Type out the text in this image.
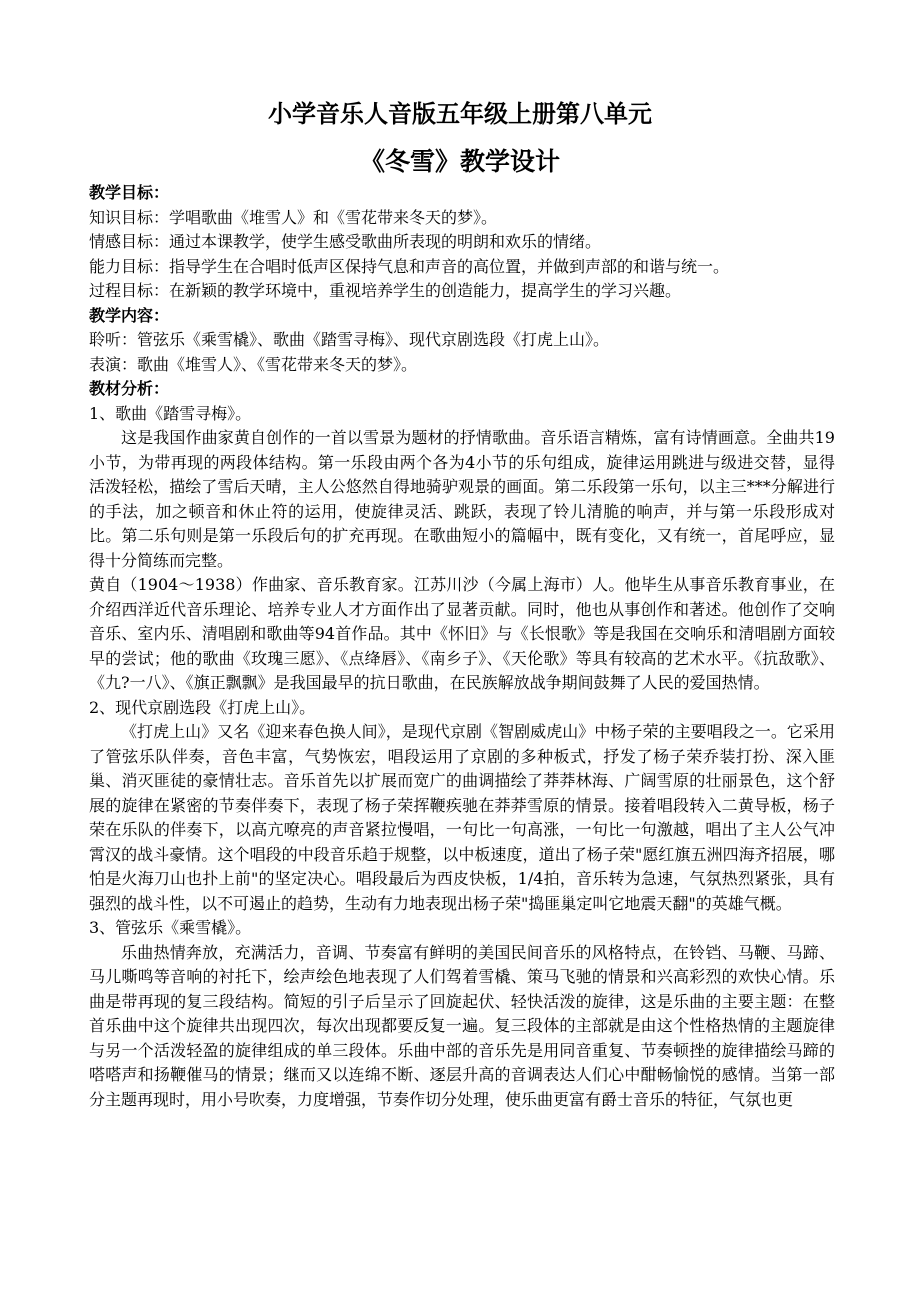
小学音乐人音版五年级上册第八单元
《冬雪》教学设计

教学目标：

知识目标：学唱歌曲《堆雪人》和《雪花带来冬天的梦》。

情感目标：通过本课教学，使学生感受歌曲所表现的明朗和欢乐的情绪。

能力目标：指导学生在合唱时低声区保持气息和声音的高位置，并做到声部的和谐与统一。

过程目标：在新颖的教学环境中，重视培养学生的创造能力，提高学生的学习兴趣。

教学内容：

聆听：管弦乐《乘雪橇》、歌曲《踏雪寻梅》、现代京剧选段《打虎上山》。

表演：歌曲《堆雪人》、《雪花带来冬天的梦》。

教材分析：

1、歌曲《踏雪寻梅》。

这是我国作曲家黄自创作的一首以雪景为题材的抒情歌曲。音乐语言精炼，富有诗情画意。全曲共19小节，为带再现的两段体结构。第一乐段由两个各为4小节的乐句组成，旋律运用跳进与级进交替，显得活泼轻松，描绘了雪后天晴，主人公悠然自得地骑驴观景的画面。第二乐段第一乐句，以主三***分解进行的手法，加之顿音和休止符的运用，使旋律灵活、跳跃，表现了铃儿清脆的响声，并与第一乐段形成对比。第二乐句则是第一乐段后句的扩充再现。在歌曲短小的篇幅中，既有变化，又有统一，首尾呼应，显得十分简练而完整。

黄自（1904～1938）作曲家、音乐教育家。江苏川沙（今属上海市）人。他毕生从事音乐教育事业，在介绍西洋近代音乐理论、培养专业人才方面作出了显著贡献。同时，他也从事创作和著述。他创作了交响音乐、室内乐、清唱剧和歌曲等94首作品。其中《怀旧》与《长恨歌》等是我国在交响乐和清唱剧方面较早的尝试；他的歌曲《玫瑰三愿》、《点绛唇》、《南乡子》、《天伦歌》等具有较高的艺术水平。《抗敌歌》、《九?一八》、《旗正飘飘》是我国最早的抗日歌曲，在民族解放战争期间鼓舞了人民的爱国热情。

2、现代京剧选段《打虎上山》。

《打虎上山》又名《迎来春色换人间》，是现代京剧《智剧威虎山》中杨子荣的主要唱段之一。它采用了管弦乐队伴奏，音色丰富，气势恢宏，唱段运用了京剧的多种板式，抒发了杨子荣乔装打扮、深入匪巢、消灭匪徒的豪情壮志。音乐首先以扩展而宽广的曲调描绘了莽莽林海、广阔雪原的壮丽景色，这个舒展的旋律在紧密的节奏伴奏下，表现了杨子荣挥鞭疾驰在莽莽雪原的情景。接着唱段转入二黄导板，杨子荣在乐队的伴奏下，以高亢嘹亮的声音紧拉慢唱，一句比一句高涨，一句比一句激越，唱出了主人公气冲霄汉的战斗豪情。这个唱段的中段音乐趋于规整，以中板速度，道出了杨子荣"愿红旗五洲四海齐招展，哪怕是火海刀山也扑上前"的坚定决心。唱段最后为西皮快板，1/4拍，音乐转为急速，气氛热烈紧张，具有强烈的战斗性，以不可遏止的趋势，生动有力地表现出杨子荣"捣匪巢定叫它地震天翻"的英雄气概。

3、管弦乐《乘雪橇》。

乐曲热情奔放，充满活力，音调、节奏富有鲜明的美国民间音乐的风格特点，在铃铛、马鞭、马蹄、马儿嘶鸣等音响的衬托下，绘声绘色地表现了人们驾着雪橇、策马飞驰的情景和兴高彩烈的欢快心情。乐曲是带再现的复三段结构。简短的引子后呈示了回旋起伏、轻快活泼的旋律，这是乐曲的主要主题：在整首乐曲中这个旋律共出现四次，每次出现都要反复一遍。复三段体的主部就是由这个性格热情的主题旋律与另一个活泼轻盈的旋律组成的单三段体。乐曲中部的音乐先是用同音重复、节奏顿挫的旋律描绘马蹄的嗒嗒声和扬鞭催马的情景；继而又以连绵不断、逐层升高的音调表达人们心中酣畅愉悦的感情。当第一部分主题再现时，用小号吹奏，力度增强，节奏作切分处理，使乐曲更富有爵士音乐的特征，气氛也更
